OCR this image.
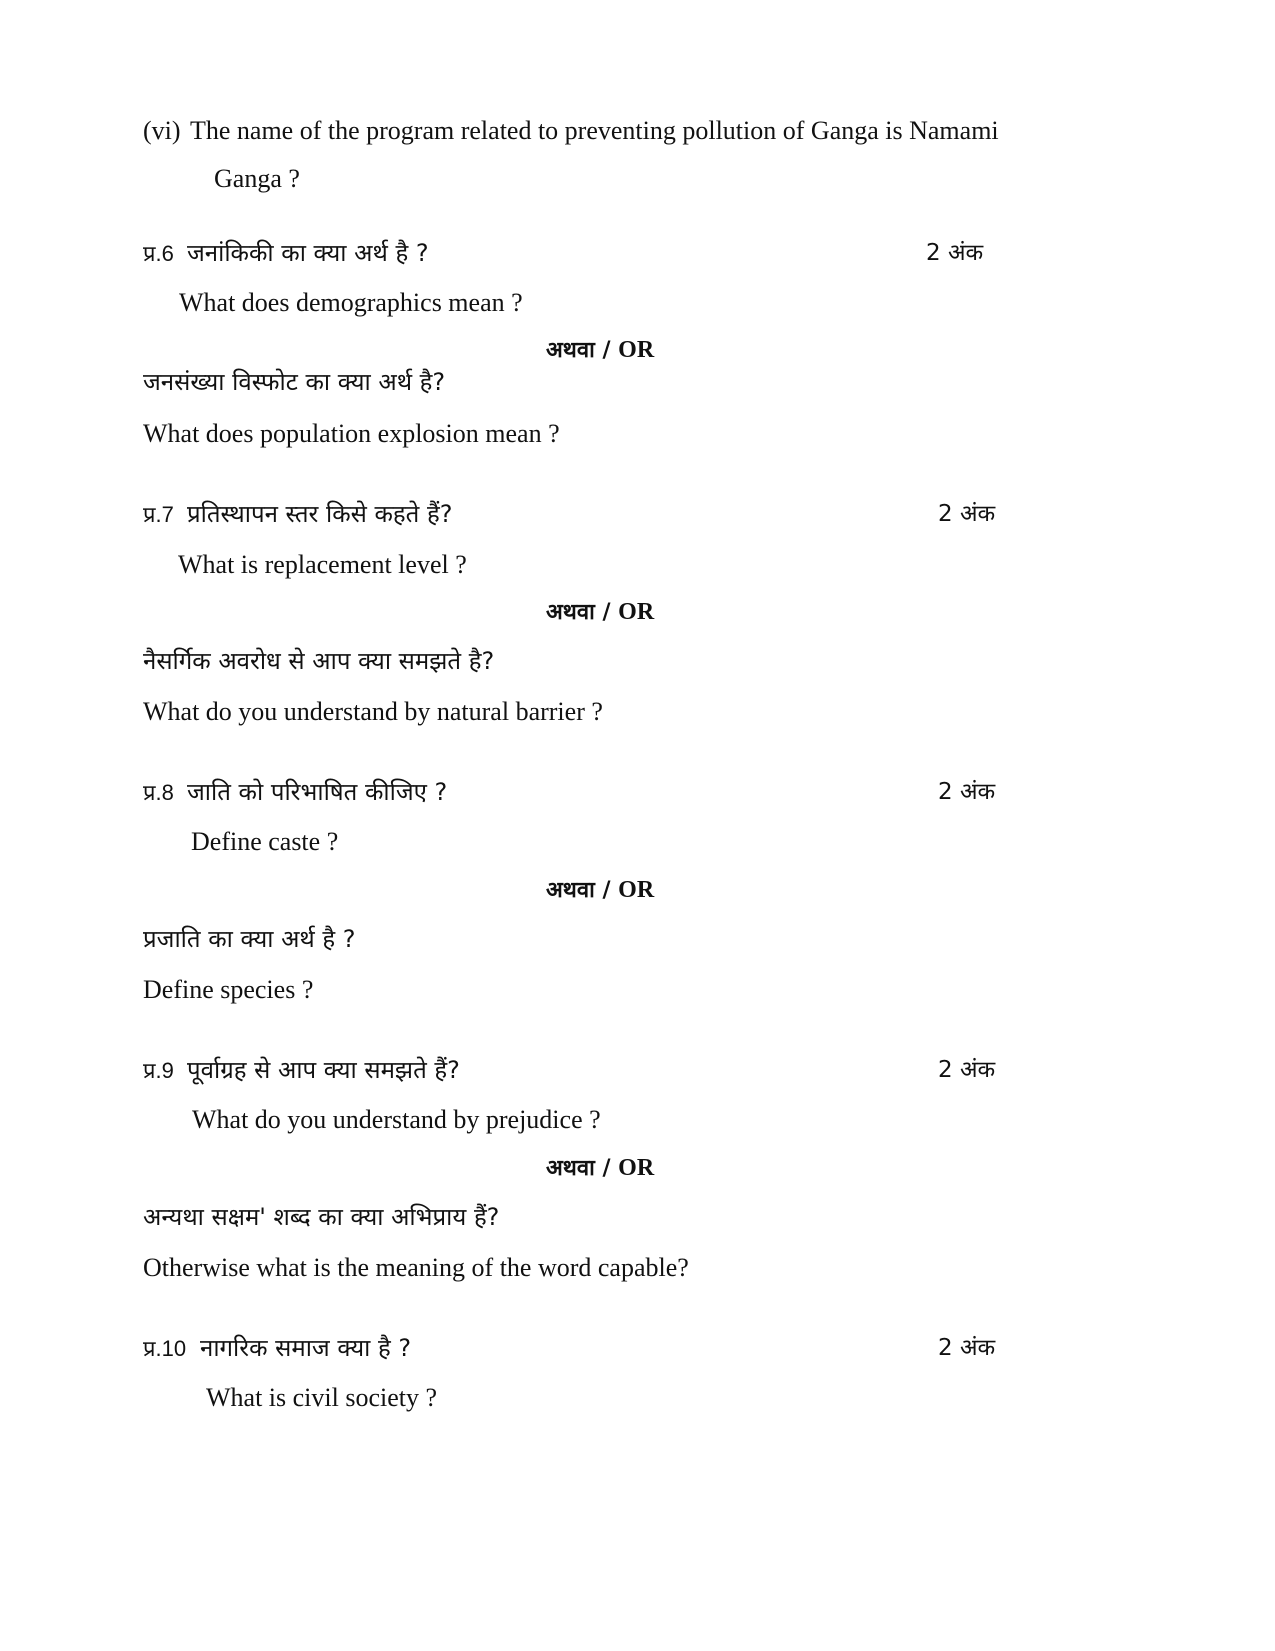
(vi) The name of the program related to preventing pollution of Ganga is Namami
Ganga ?
प्र.6 जनांकिकी का क्या अर्थ है ?	2 अंक
What does demographics mean ?
अथवा / OR
जनसंख्या विस्फोट का क्या अर्थ है?
What does population explosion mean ?
प्र.7 प्रतिस्थापन स्तर किसे कहते हैं?	2 अंक
What is replacement level ?
अथवा / OR
नैसर्गिक अवरोध से आप क्या समझते है?
What do you understand by natural barrier ?
प्र.8 जाति को परिभाषित कीजिए ?	2 अंक
Define caste ?
अथवा / OR
प्रजाति का क्या अर्थ है ?
Define species ?
प्र.9 पूर्वाग्रह से आप क्या समझते हैं?	2 अंक
What do you understand by prejudice ?
अथवा / OR
अन्यथा सक्षम' शब्द का क्या अभिप्राय हैं?
Otherwise what is the meaning of the word capable?
प्र.10 नागरिक समाज क्या है ?	2 अंक
What is civil society ?
